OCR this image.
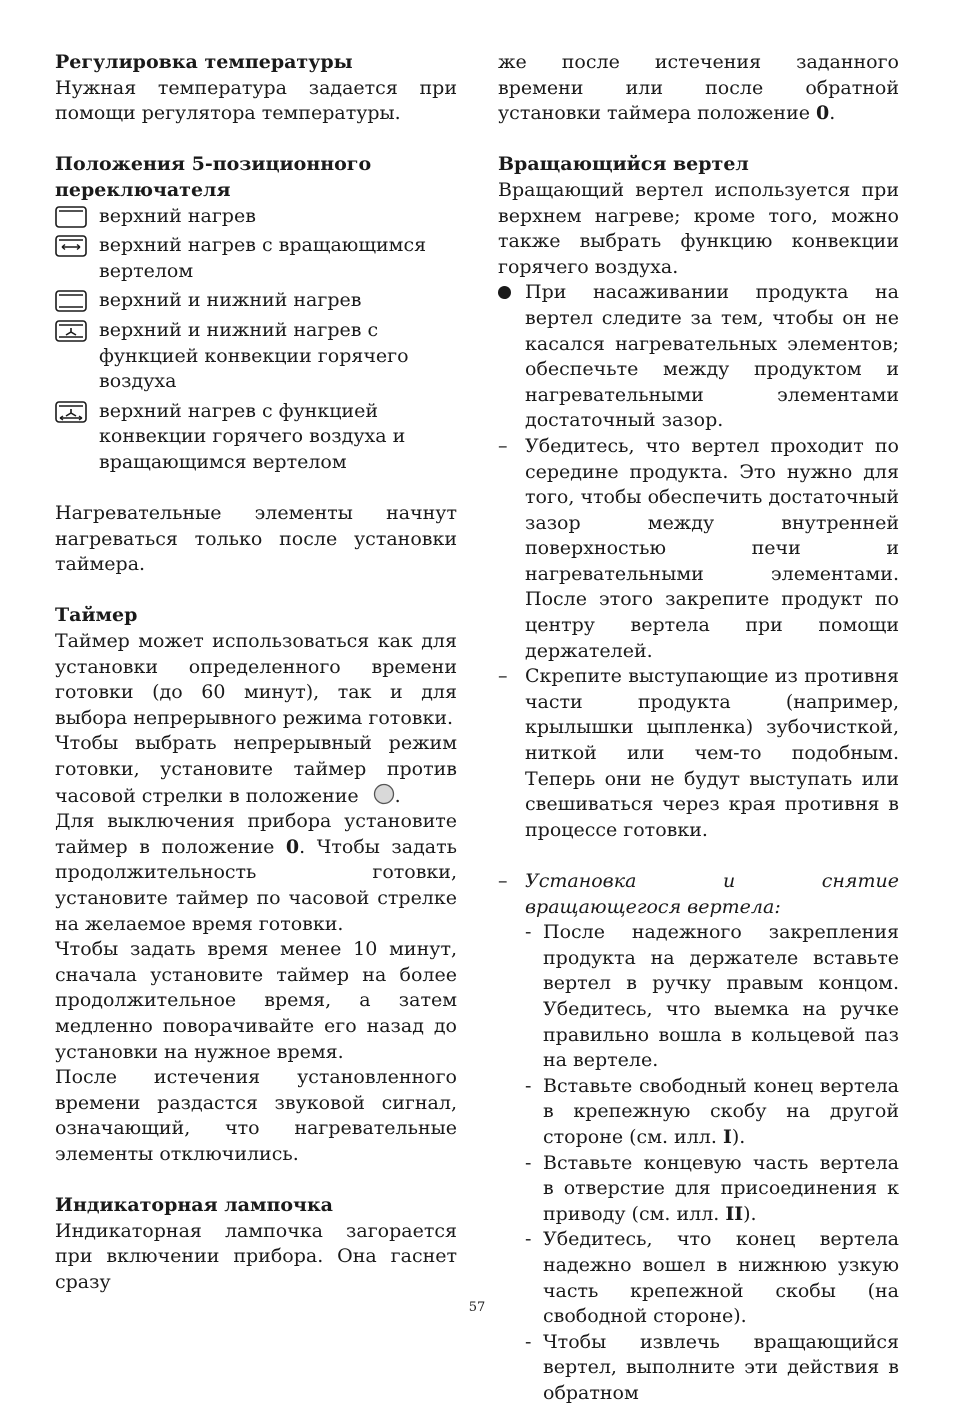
Регулировка температуры

Нужная температура задается при помощи регулятора температуры.

Положения 5-позиционного переключателя
верхний нагрев
верхний нагрев с вращающимся вертелом
верхний и нижний нагрев
верхний и нижний нагрев с функцией конвекции горячего воздуха
верхний нагрев с функцией конвекции горячего воздуха и вращающимся вертелом

Нагревательные элементы начнут нагреваться только после установки таймера.

Таймер

Таймер может использоваться как для установки определенного времени готовки (до 60 минут), так и для выбора непрерывного режима готовки.

Чтобы выбрать непрерывный режим готовки, установите таймер против часовой стрелки в положение .

Для выключения прибора установите таймер в положение 0. Чтобы задать продолжительность готовки, установите таймер по часовой стрелке на желаемое время готовки.

Чтобы задать время менее 10 минут, сначала установите таймер на более продолжительное время, а затем медленно поворачивайте его назад до установки на нужное время.

После истечения установленного времени раздастся звуковой сигнал, означающий, что нагревательные элементы отключились.

Индикаторная лампочка

Индикаторная лампочка загорается при включении прибора. Она гаснет сразу

же после истечения заданного времени или после обратной установки таймера положение 0.

Вращающийся вертел

Вращающий вертел используется при верхнем нагреве; кроме того, можно также выбрать функцию конвекции горячего воздуха.

При насаживании продукта на вертел следите за тем, чтобы он не касался нагревательных элементов; обеспечьте между продуктом и нагревательными элементами достаточный зазор.
– Убедитесь, что вертел проходит по середине продукта. Это нужно для того, чтобы обеспечить достаточный зазор между внутренней поверхностью печи и нагревательными элементами. После этого закрепите продукт по центру вертела при помощи держателей.
– Скрепите выступающие из противня части продукта (например, крылышки цыпленка) зубочисткой, ниткой или чем-то подобным. Теперь они не будут выступать или свешиваться через края противня в процессе готовки.
– Установка и снятие вращающегося вертела:
- После надежного закрепления продукта на держателе вставьте вертел в ручку правым концом. Убедитесь, что выемка на ручке правильно вошла в кольцевой паз на вертеле.
- Вставьте свободный конец вертела в крепежную скобу на другой стороне (см. илл. I).
- Вставьте концевую часть вертела в отверстие для присоединения к приводу (см. илл. II).
- Убедитесь, что конец вертела надежно вошел в нижнюю узкую часть крепежной скобы (на свободной стороне).
- Чтобы извлечь вращающийся вертел, выполните эти действия в обратном
57
